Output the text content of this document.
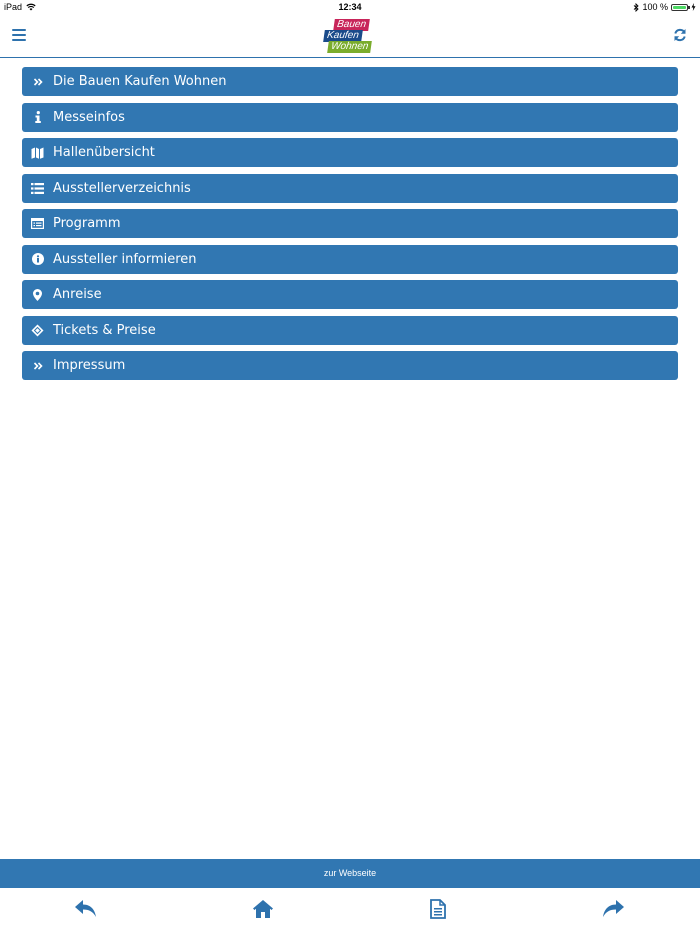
iPad	12:34	100 %
Bauen
Kaufen
Wohnen
Die Bauen Kaufen Wohnen
Messeinfos
Hallenübersicht
Ausstellerverzeichnis
Programm
Aussteller informieren
Anreise
Tickets & Preise
Impressum
zur Webseite
